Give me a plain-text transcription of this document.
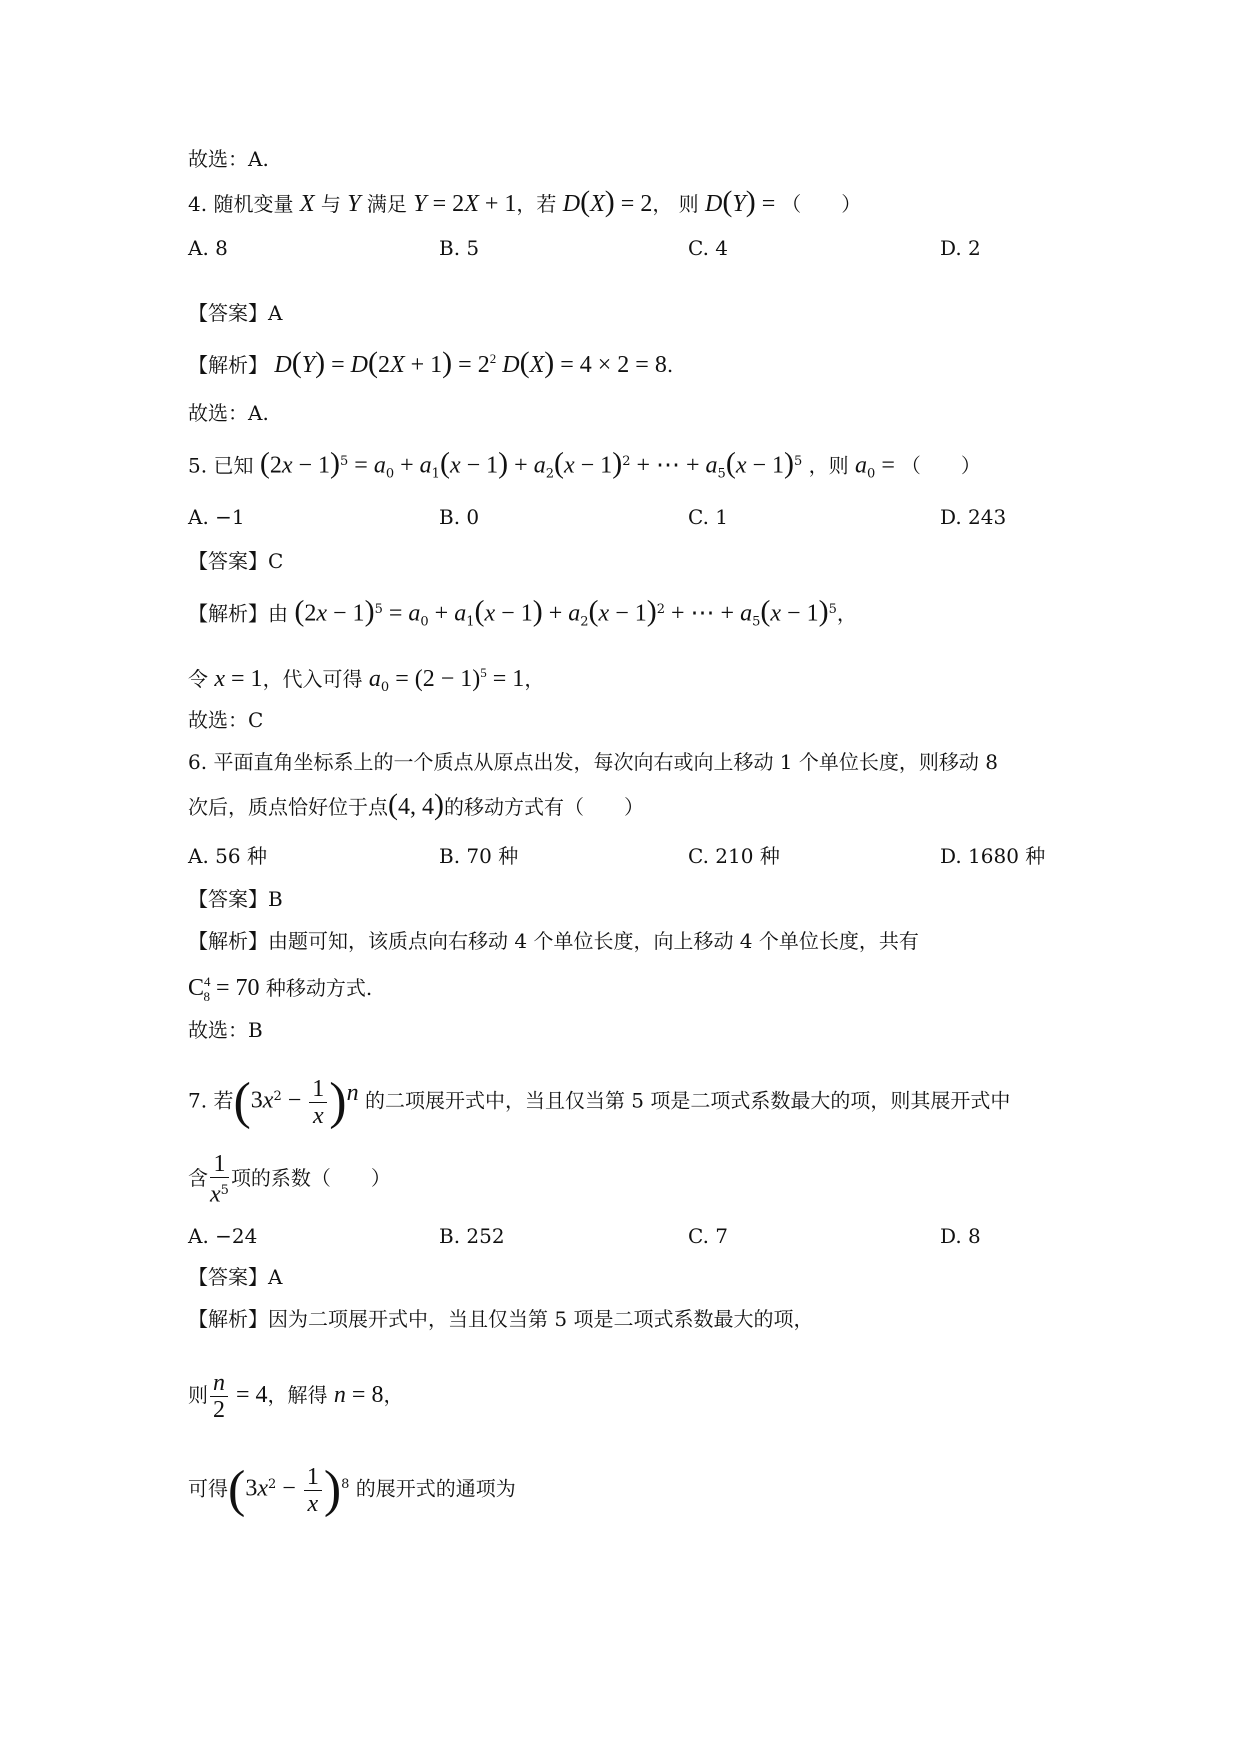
故选：A.
4. 随机变量 X 与 Y 满足 Y = 2X + 1，若 D(X) = 2， 则 D(Y) = （　　）
A. 8	B. 5	C. 4	D. 2
【答案】A
【解析】 $D(Y) = D(2X + 1) = 2^2$ D(X) = 4 × 2 = 8.
故选：A.
5. 已知 $(2x - 1)^5 = a_0 + a_1(x - 1) + a_2(x - 1)^2$ + ⋯ + $a_5(x - 1)^5$ ，则 $a_0$ = （　　）
A. −1	B. 0	C. 1	D. 243
【答案】C
【解析】由 $(2x - 1)^5 = a_0 + a_1(x - 1) + a_2(x - 1)^2$ + ⋯ + $a_5(x - 1)^5$，
令 x = 1，代入可得 $a_0 = (2 - 1)^5 = 1$，
故选：C
6. 平面直角坐标系上的一个质点从原点出发，每次向右或向上移动 1 个单位长度，则移动 8
次后，质点恰好位于点(4, 4)的移动方式有（　　）
A. 56 种	B. 70 种	C. 210 种	D. 1680 种
【答案】B
【解析】由题可知，该质点向右移动 4 个单位长度，向上移动 4 个单位长度，共有
$C^4_8 = 70$ 种移动方式.
故选：B
7. 若$(3x^2 - \frac{1}{x} )^n$ 的二项展开式中，当且仅当第 5 项是二项式系数最大的项，则其展开式中
含 $\frac{1}{x^5}$ 项的系数（　　）
A. −24	B. 252	C. 7	D. 8
【答案】A
【解析】因为二项展开式中，当且仅当第 5 项是二项式系数最大的项，
则 $\frac{n}{2} = 4$，解得 n = 8，
可得$(3x^2 - \frac{1}{x} )^8$ 的展开式的通项为
